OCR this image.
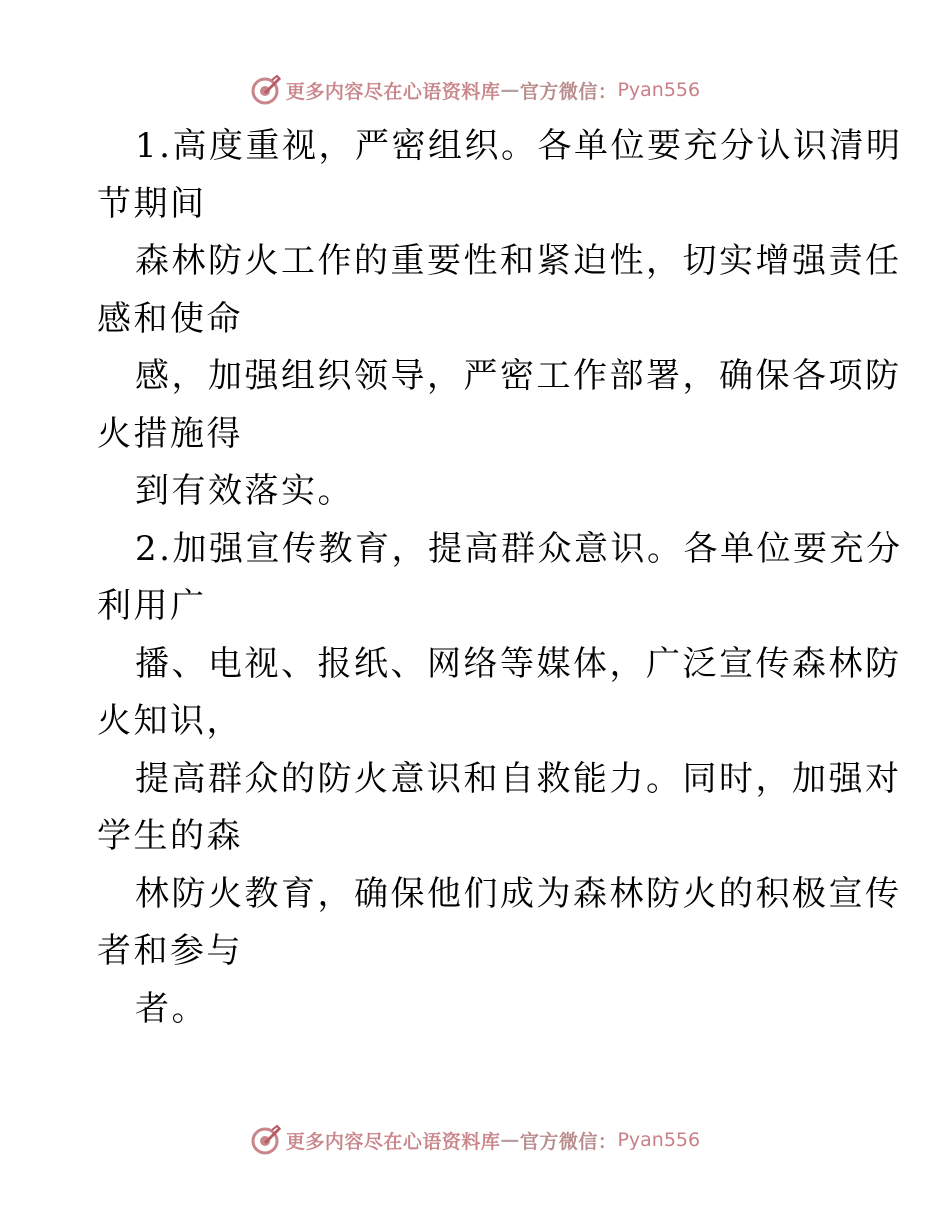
更多内容尽在心语资料库 — 官方微信： Pyan556
1.高度重视，严密组织。各单位要充分认识清明
节期间
森林防火工作的重要性和紧迫性，切实增强责任
感和使命
感，加强组织领导，严密工作部署，确保各项防
火措施得
到有效落实。
2.加强宣传教育，提高群众意识。各单位要充分
利用广
播、电视、报纸、网络等媒体，广泛宣传森林防
火知识，
提高群众的防火意识和自救能力。同时，加强对
学生的森
林防火教育，确保他们成为森林防火的积极宣传
者和参与
者。
更多内容尽在心语资料库 — 官方微信： Pyan556
